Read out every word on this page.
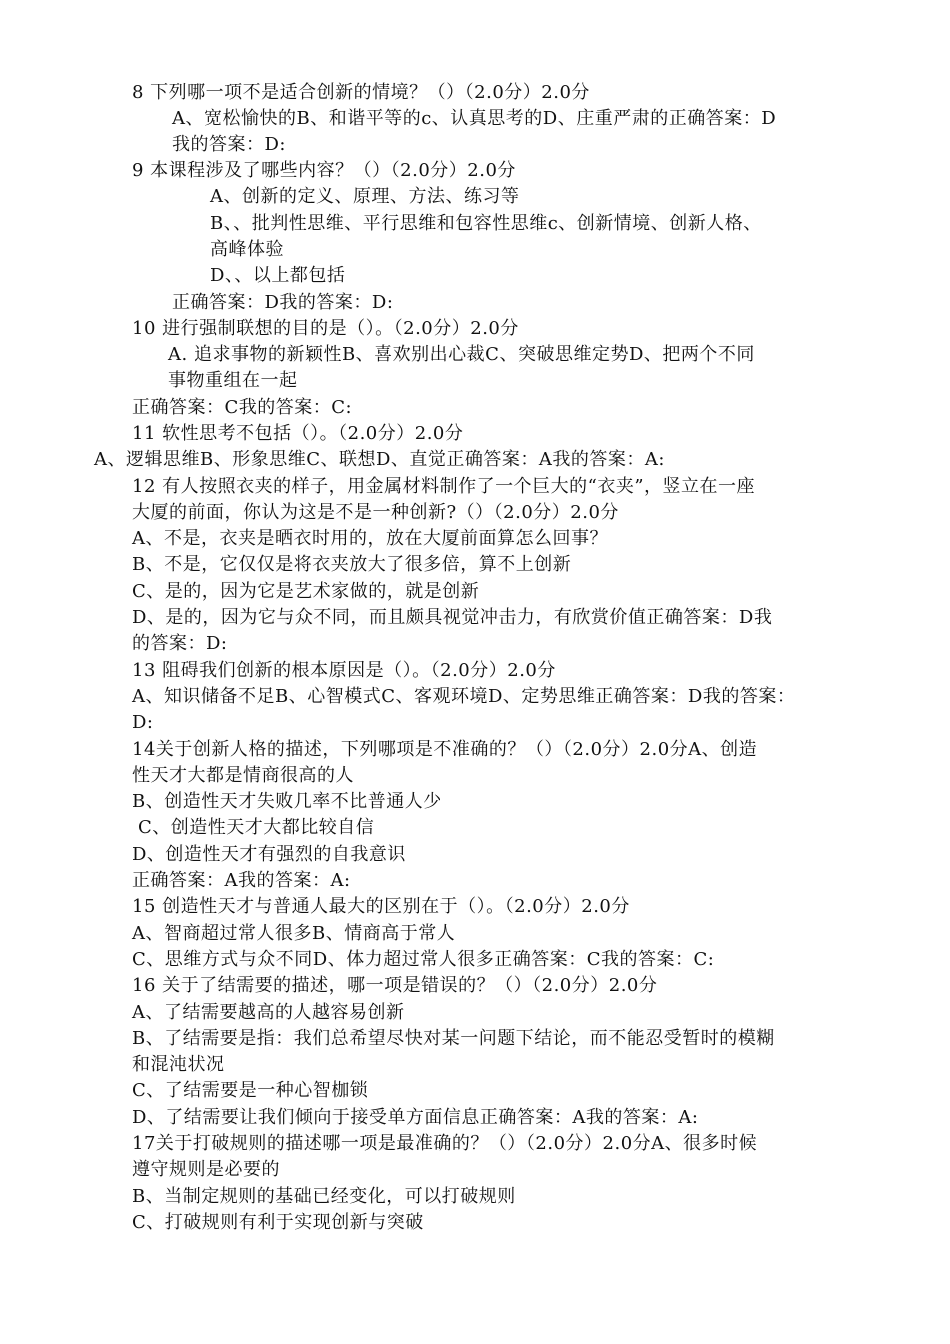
8 下列哪一项不是适合创新的情境？（）（2.0分）2.0分
A、宽松愉快的B、和谐平等的c、认真思考的D、庄重严肃的正确答案：D
我的答案：D:
9 本课程涉及了哪些内容？（）（2.0分）2.0分
A、创新的定义、原理、方法、练习等
B、、批判性思维、平行思维和包容性思维c、创新情境、创新人格、
高峰体验
D、、以上都包括
正确答案：D我的答案：D:
10 进行强制联想的目的是（）。（2.0分）2.0分
A. 追求事物的新颖性B、喜欢别出心裁C、突破思维定势D、把两个不同
事物重组在一起
正确答案：C我的答案：C:
11 软性思考不包括（）。（2.0分）2.0分
A、逻辑思维B、形象思维C、联想D、直觉正确答案：A我的答案：A:
12 有人按照衣夹的样子，用金属材料制作了一个巨大的“衣夹”，竖立在一座
大厦的前面，你认为这是不是一种创新?（）（2.0分）2.0分
A、不是，衣夹是晒衣时用的，放在大厦前面算怎么回事？
B、不是，它仅仅是将衣夹放大了很多倍，算不上创新
C、是的，因为它是艺术家做的，就是创新
D、是的，因为它与众不同，而且颇具视觉冲击力，有欣赏价值正确答案：D我
的答案：D:
13 阻碍我们创新的根本原因是（）。（2.0分）2.0分
A、知识储备不足B、心智模式C、客观环境D、定势思维正确答案：D我的答案：
D:
14关于创新人格的描述，下列哪项是不准确的？（）（2.0分）2.0分A、创造
性天才大都是情商很高的人
B、创造性天才失败几率不比普通人少
C、创造性天才大都比较自信
D、创造性天才有强烈的自我意识
正确答案：A我的答案：A:
15 创造性天才与普通人最大的区别在于（）。（2.0分）2.0分
A、智商超过常人很多B、情商高于常人
C、思维方式与众不同D、体力超过常人很多正确答案：C我的答案：C:
16 关于了结需要的描述，哪一项是错误的？（）（2.0分）2.0分
A、了结需要越高的人越容易创新
B、了结需要是指：我们总希望尽快对某一问题下结论，而不能忍受暂时的模糊
和混沌状况
C、了结需要是一种心智枷锁
D、了结需要让我们倾向于接受单方面信息正确答案：A我的答案：A:
17关于打破规则的描述哪一项是最准确的？（）（2.0分）2.0分A、很多时候
遵守规则是必要的
B、当制定规则的基础已经变化，可以打破规则
C、打破规则有利于实现创新与突破
